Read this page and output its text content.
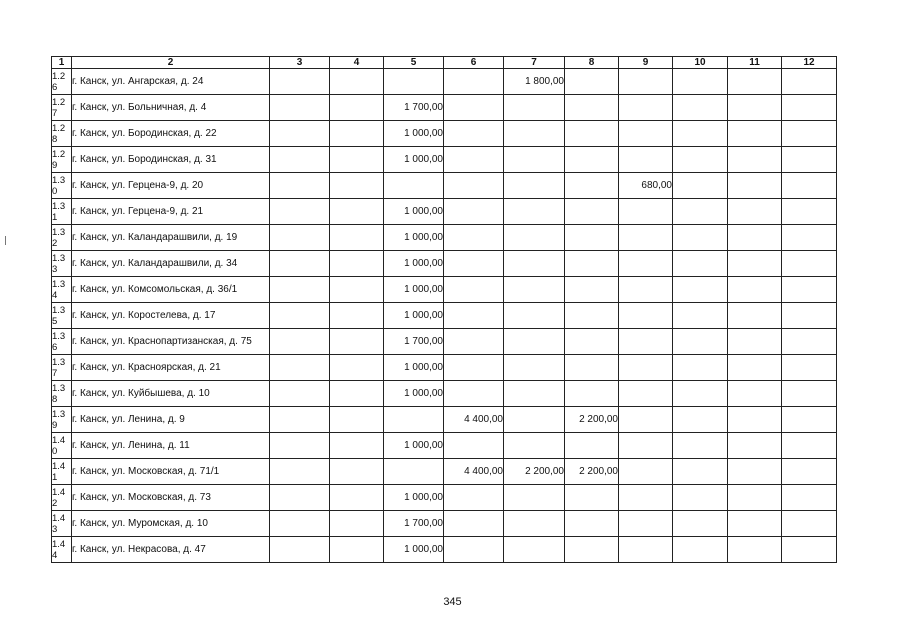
1	2	3	4	5	6	7	8	9	10	11	12

1.2
6	г. Канск, ул. Ангарская, д. 24					1 800,00					

1.2
7	г. Канск, ул. Больничная, д. 4			1 700,00							

1.2
8	г. Канск, ул. Бородинская, д. 22			1 000,00							

1.2
9	г. Канск, ул. Бородинская, д. 31			1 000,00							

1.3
0	г. Канск, ул. Герцена-9, д. 20							680,00			

1.3
1	г. Канск, ул. Герцена-9, д. 21			1 000,00							

1.3
2	г. Канск, ул. Каландарашвили, д. 19			1 000,00							

1.3
3	г. Канск, ул. Каландарашвили, д. 34			1 000,00							

1.3
4	г. Канск, ул. Комсомольская, д. 36/1			1 000,00							

1.3
5	г. Канск, ул. Коростелева, д. 17			1 000,00							

1.3
6	г. Канск, ул. Краснопартизанская, д. 75			1 700,00							

1.3
7	г. Канск, ул. Красноярская, д. 21			1 000,00							

1.3
8	г. Канск, ул. Куйбышева, д. 10			1 000,00							

1.3
9	г. Канск, ул. Ленина, д. 9				4 400,00		2 200,00				

1.4
0	г. Канск, ул. Ленина, д. 11			1 000,00							

1.4
1	г. Канск, ул. Московская, д. 71/1				4 400,00	2 200,00	2 200,00				

1.4
2	г. Канск, ул. Московская, д. 73			1 000,00							

1.4
3	г. Канск, ул. Муромская, д. 10			1 700,00							

1.4
4	г. Канск, ул. Некрасова, д. 47			1 000,00							
345
